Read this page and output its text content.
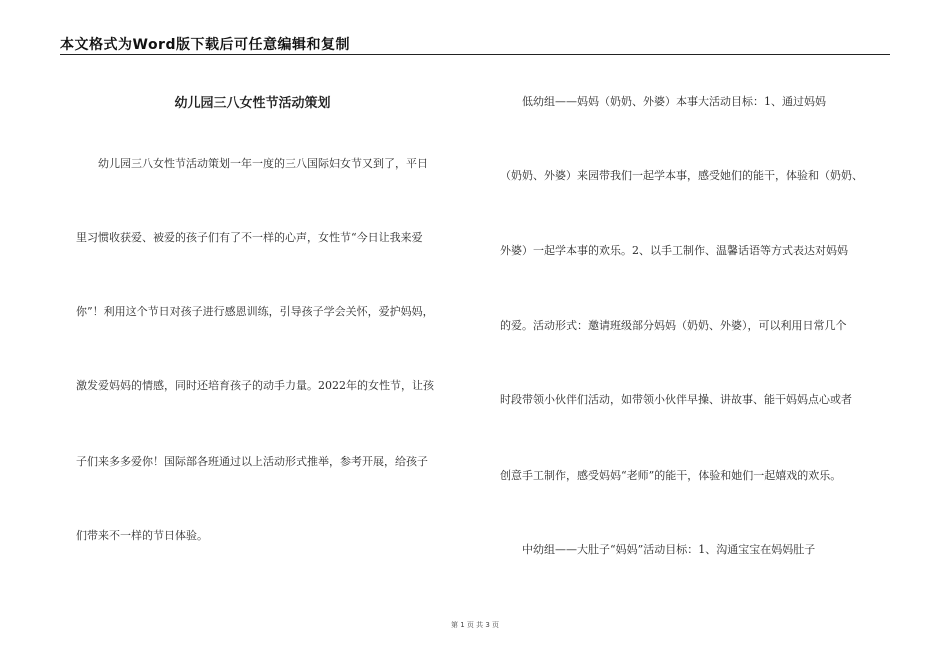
本文格式为Word版下载后可任意编辑和复制
幼儿园三八女性节活动策划
　　幼儿园三八女性节活动策划一年一度的三八国际妇女节又到了，平日
里习惯收获爱、被爱的孩子们有了不一样的心声，女性节“今日让我来爱
你”！利用这个节日对孩子进行感恩训练，引导孩子学会关怀，爱护妈妈，
激发爱妈妈的情感，同时还培育孩子的动手力量。2022年的女性节，让孩
子们来多多爱你！国际部各班通过以上活动形式推举，参考开展，给孩子
们带来不一样的节日体验。
　　低幼组——妈妈（奶奶、外婆）本事大活动目标：1、通过妈妈
（奶奶、外婆）来园带我们一起学本事，感受她们的能干，体验和（奶奶、
外婆）一起学本事的欢乐。2、以手工制作、温馨话语等方式表达对妈妈
的爱。活动形式：邀请班级部分妈妈（奶奶、外婆），可以利用日常几个
时段带领小伙伴们活动，如带领小伙伴早操、讲故事、能干妈妈点心或者
创意手工制作，感受妈妈“老师”的能干，体验和她们一起嬉戏的欢乐。
　　中幼组——大肚子“妈妈”活动目标：1、沟通宝宝在妈妈肚子
第 1 页 共 3 页
